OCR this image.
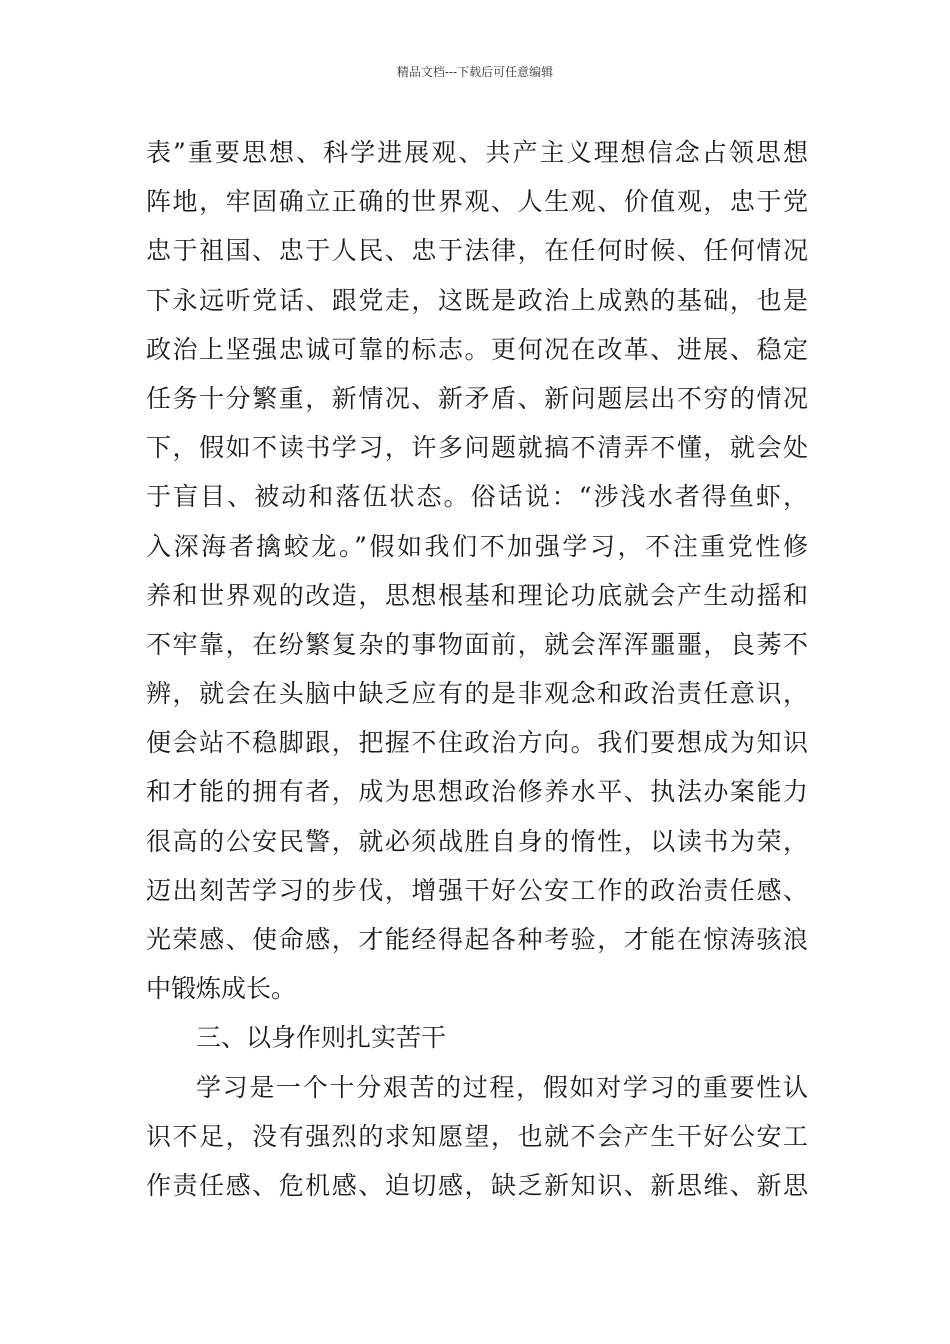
精品文档---下载后可任意编辑
表”重要思想、科学进展观、共产主义理想信念占领思想
阵地，牢固确立正确的世界观、人生观、价值观，忠于党
忠于祖国、忠于人民、忠于法律，在任何时候、任何情况
下永远听党话、跟党走，这既是政治上成熟的基础，也是
政治上坚强忠诚可靠的标志。更何况在改革、进展、稳定
任务十分繁重，新情况、新矛盾、新问题层出不穷的情况
下，假如不读书学习，许多问题就搞不清弄不懂，就会处
于盲目、被动和落伍状态。俗话说：“涉浅水者得鱼虾，
入深海者擒蛟龙。”假如我们不加强学习，不注重党性修
养和世界观的改造，思想根基和理论功底就会产生动摇和
不牢靠，在纷繁复杂的事物面前，就会浑浑噩噩，良莠不
辨，就会在头脑中缺乏应有的是非观念和政治责任意识，
便会站不稳脚跟，把握不住政治方向。我们要想成为知识
和才能的拥有者，成为思想政治修养水平、执法办案能力
很高的公安民警，就必须战胜自身的惰性，以读书为荣，
迈出刻苦学习的步伐，增强干好公安工作的政治责任感、
光荣感、使命感，才能经得起各种考验，才能在惊涛骇浪
中锻炼成长。
三、以身作则扎实苦干
学习是一个十分艰苦的过程，假如对学习的重要性认
识不足，没有强烈的求知愿望，也就不会产生干好公安工
作责任感、危机感、迫切感，缺乏新知识、新思维、新思
